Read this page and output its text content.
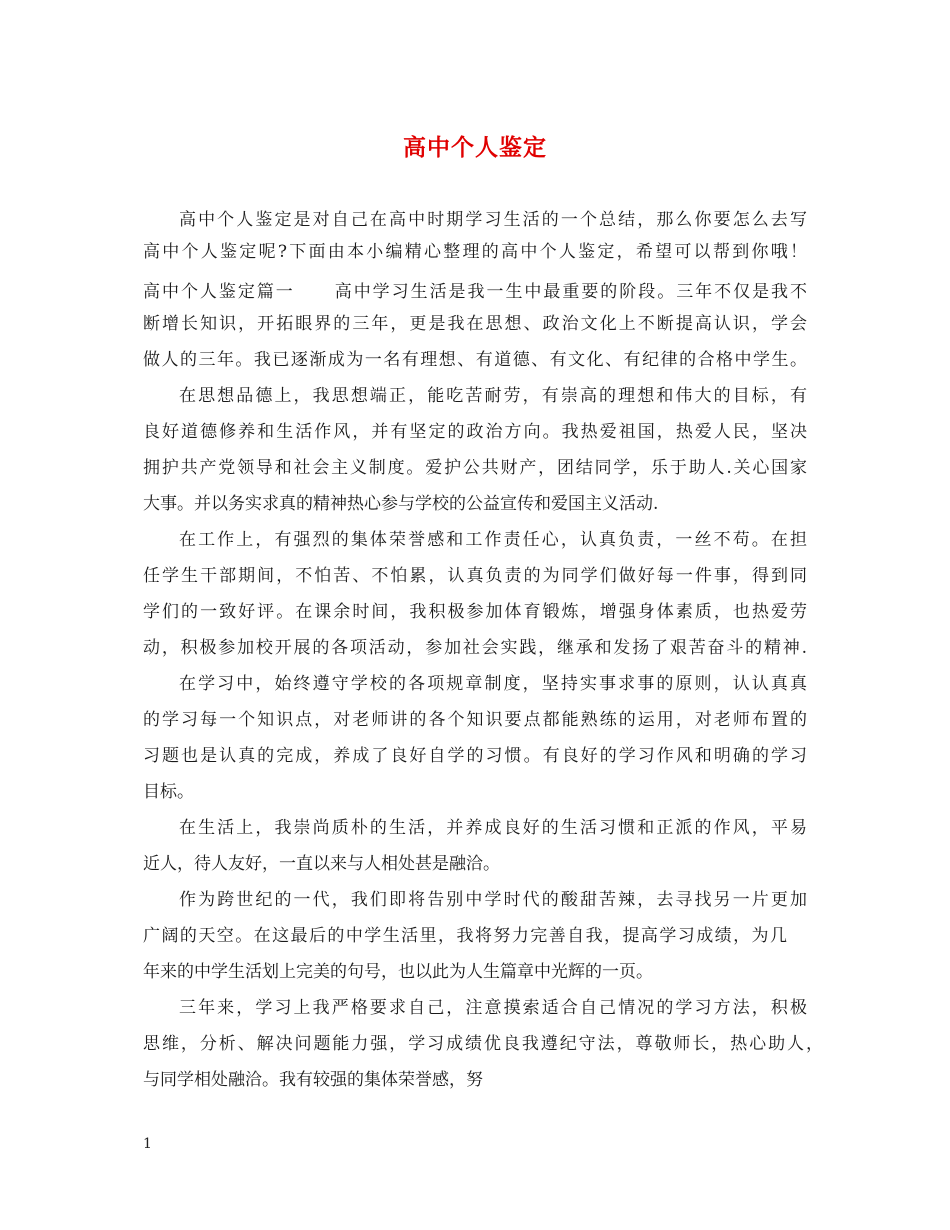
高中个人鉴定
高中个人鉴定是对自己在高中时期学习生活的一个总结，那么你要怎么去写
高中个人鉴定呢?下面由本小编精心整理的高中个人鉴定，希望可以帮到你哦！
高中个人鉴定篇一 高中学习生活是我一生中最重要的阶段。三年不仅是我不
断增长知识，开拓眼界的三年，更是我在思想、政治文化上不断提高认识，学会
做人的三年。我已逐渐成为一名有理想、有道德、有文化、有纪律的合格中学生。
在思想品德上，我思想端正，能吃苦耐劳，有崇高的理想和伟大的目标，有
良好道德修养和生活作风，并有坚定的政治方向。我热爱祖国，热爱人民，坚决
拥护共产党领导和社会主义制度。爱护公共财产，团结同学，乐于助人.关心国家
大事。并以务实求真的精神热心参与学校的公益宣传和爱国主义活动.
在工作上，有强烈的集体荣誉感和工作责任心，认真负责，一丝不苟。在担
任学生干部期间，不怕苦、不怕累，认真负责的为同学们做好每一件事，得到同
学们的一致好评。在课余时间，我积极参加体育锻炼，增强身体素质，也热爱劳
动，积极参加校开展的各项活动，参加社会实践，继承和发扬了艰苦奋斗的精神.
在学习中，始终遵守学校的各项规章制度，坚持实事求事的原则，认认真真
的学习每一个知识点，对老师讲的各个知识要点都能熟练的运用，对老师布置的
习题也是认真的完成，养成了良好自学的习惯。有良好的学习作风和明确的学习
目标。
在生活上，我崇尚质朴的生活，并养成良好的生活习惯和正派的作风，平易
近人，待人友好，一直以来与人相处甚是融洽。
作为跨世纪的一代，我们即将告别中学时代的酸甜苦辣，去寻找另一片更加
广阔的天空。在这最后的中学生活里，我将努力完善自我，提高学习成绩，为几
年来的中学生活划上完美的句号，也以此为人生篇章中光辉的一页。
三年来，学习上我严格要求自己，注意摸索适合自己情况的学习方法，积极
思维，分析、解决问题能力强，学习成绩优良我遵纪守法，尊敬师长，热心助人，
与同学相处融洽。我有较强的集体荣誉感，努
1
